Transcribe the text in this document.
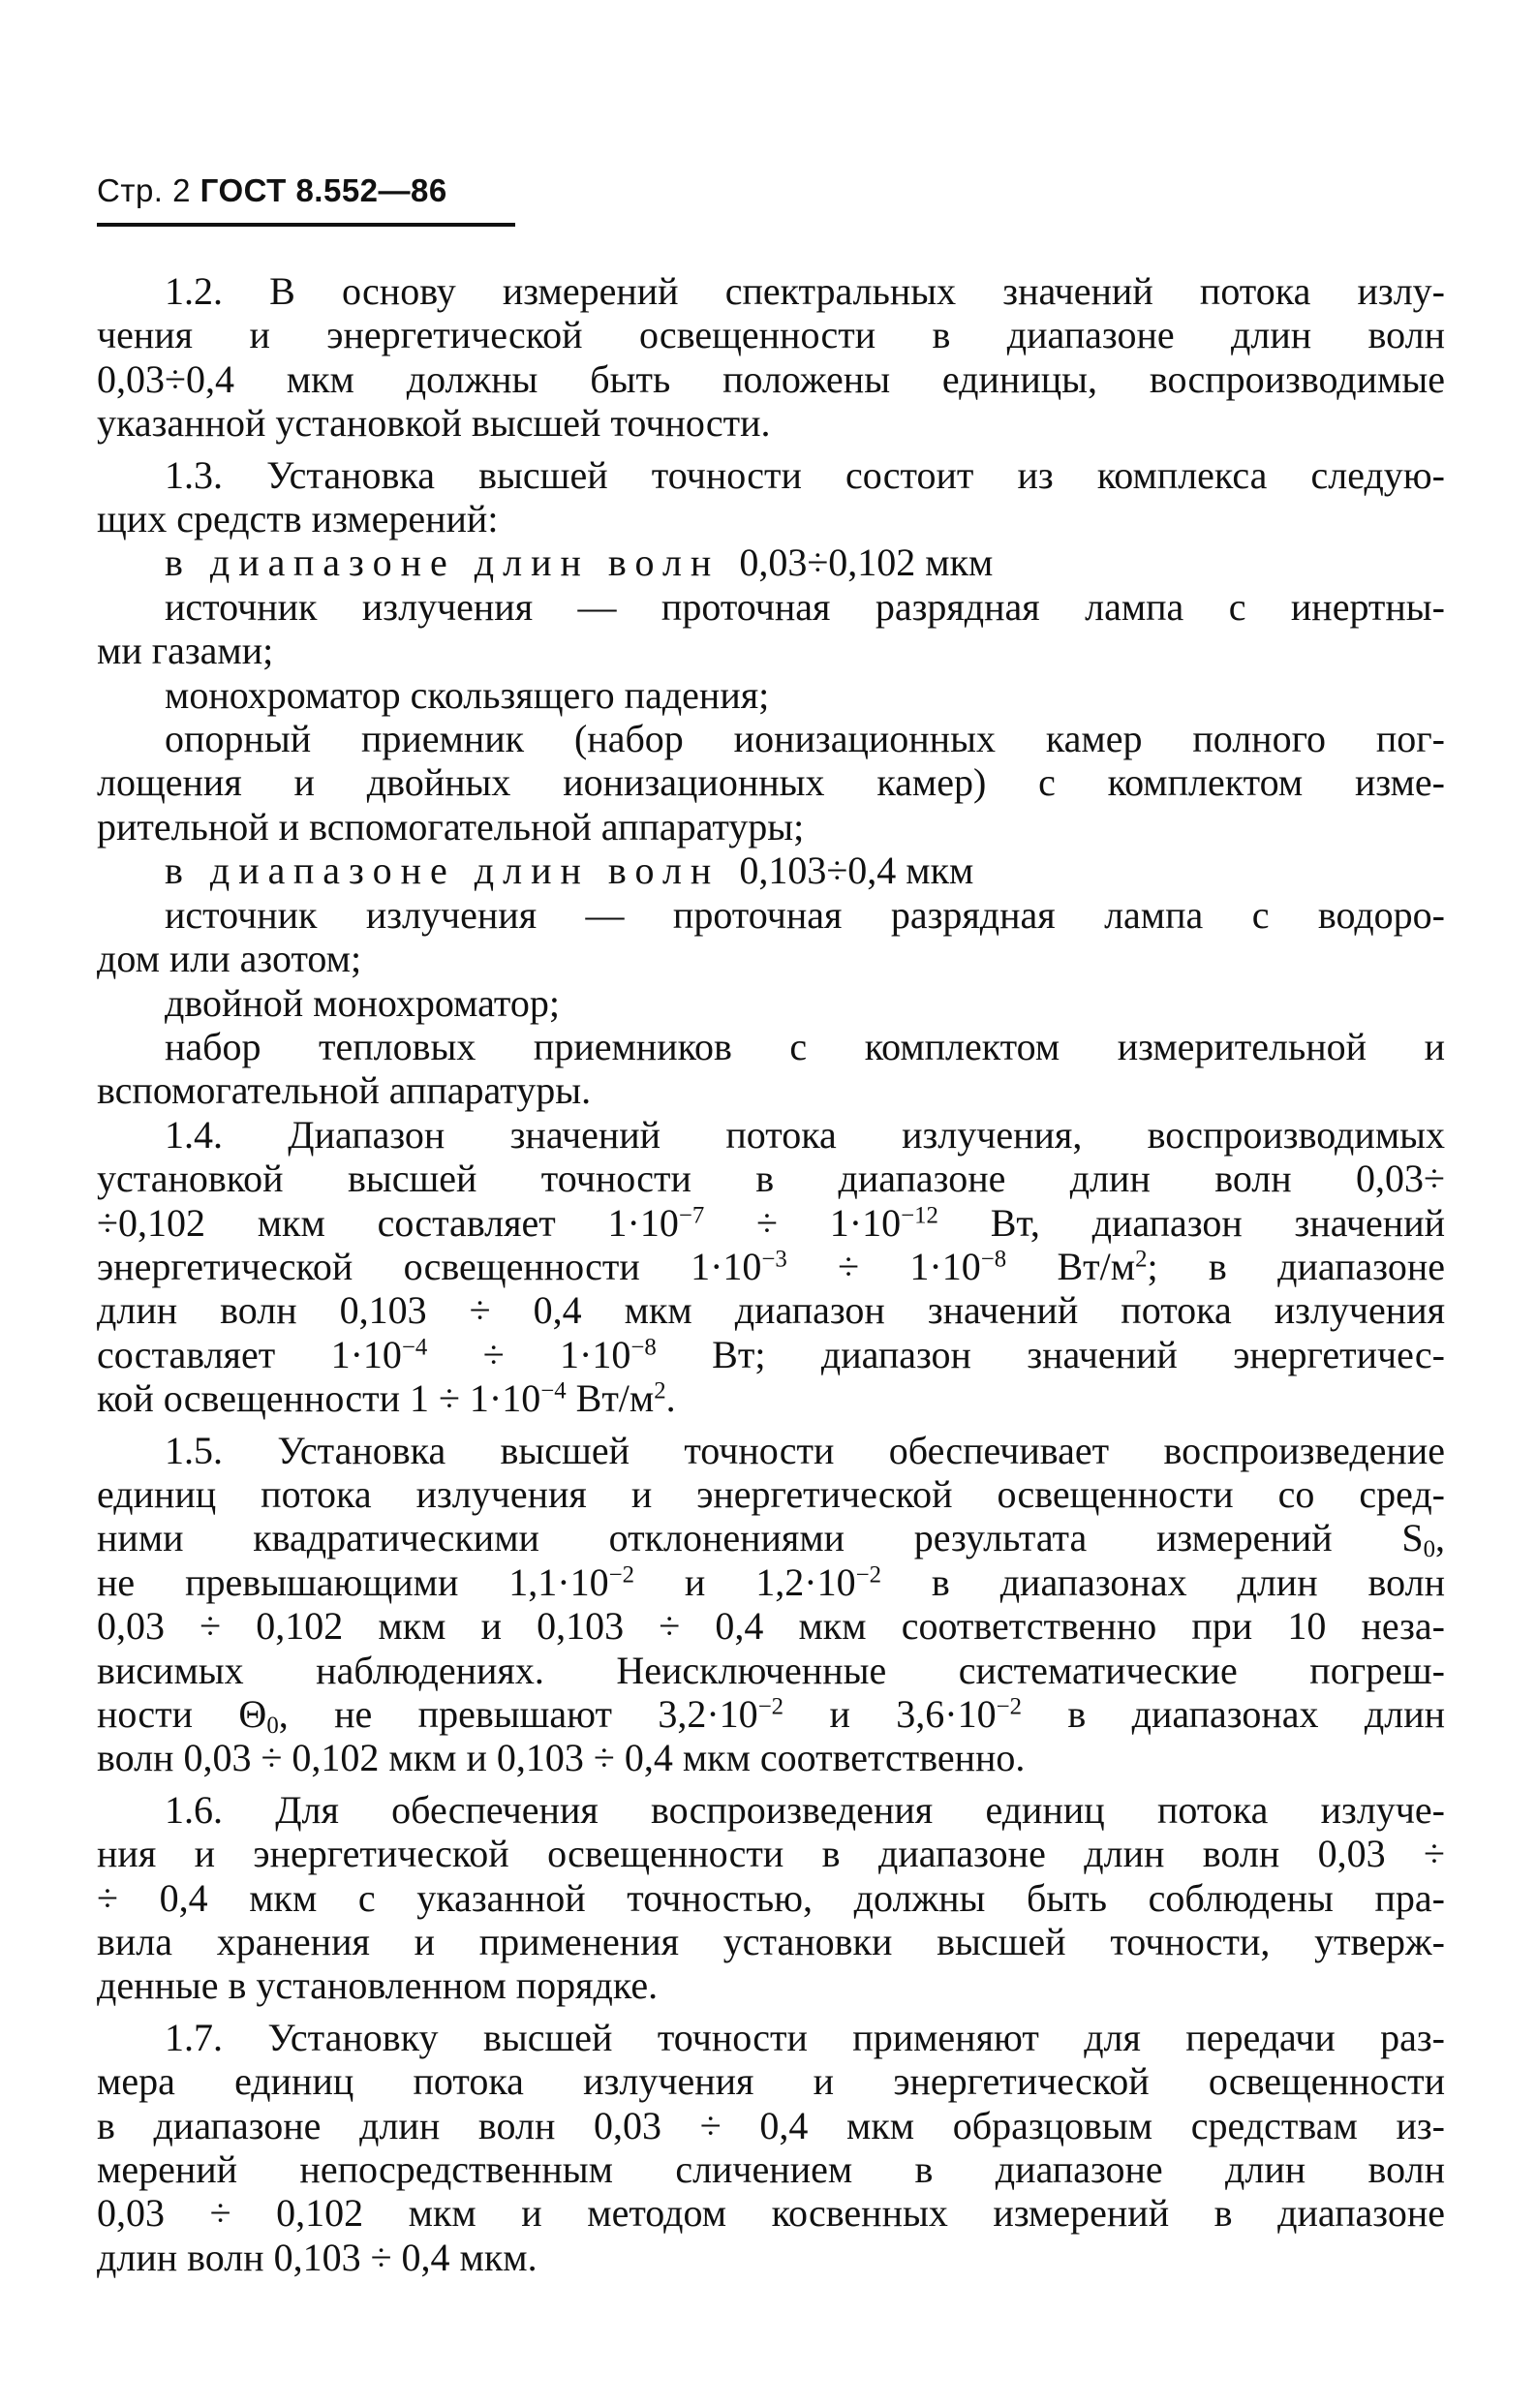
Стр. 2 ГОСТ 8.552—86
1.2. В основу измерений спектральных значений потока излу-
чения и энергетической освещенности в диапазоне длин волн
0,03÷0,4 мкм должны быть положены единицы, воспроизводимые
указанной установкой высшей точности.
1.3. Установка высшей точности состоит из комплекса следую-
щих средств измерений:
в диапазоне длин волн 0,03÷0,102 мкм
источник излучения — проточная разрядная лампа с инертны-
ми газами;
монохроматор скользящего падения;
опорный приемник (набор ионизационных камер полного пог-
лощения и двойных ионизационных камер) с комплектом изме-
рительной и вспомогательной аппаратуры;
в диапазоне длин волн 0,103÷0,4 мкм
источник излучения — проточная разрядная лампа с водоро-
дом или азотом;
двойной монохроматор;
набор тепловых приемников с комплектом измерительной и
вспомогательной аппаратуры.
1.4. Диапазон значений потока излучения, воспроизводимых
установкой высшей точности в диапазоне длин волн 0,03÷
÷0,102 мкм составляет $1\cdot 10^{-7} \div 1\cdot 10^{-12}$ Вт, диапазон значений
энергетической освещенности $1\cdot 10^{-3} \div 1\cdot 10^{-8}$ $Вт/м^2$; в диапазоне
длин волн 0,103 ÷ 0,4 мкм диапазон значений потока излучения
составляет $1\cdot 10^{-4} \div 1\cdot 10^{-8}$ Вт; диапазон значений энергетичес-
кой освещенности $1 \div 1\cdot 10^{-4}$ $Вт/м^2$.
1.5. Установка высшей точности обеспечивает воспроизведение
единиц потока излучения и энергетической освещенности со сред-
ними квадратическими отклонениями результата измерений $S_0$,
не превышающими $1,1\cdot 10^{-2}$ и $1,2\cdot 10^{-2}$ в диапазонах длин волн
0,03 ÷ 0,102 мкм и 0,103 ÷ 0,4 мкм соответственно при 10 неза-
висимых наблюдениях. Неисключенные систематические погреш-
ности $\Theta_0$, не превышают $3,2\cdot 10^{-2}$ и $3,6\cdot 10^{-2}$ в диапазонах длин
волн 0,03 ÷ 0,102 мкм и 0,103 ÷ 0,4 мкм соответственно.
1.6. Для обеспечения воспроизведения единиц потока излуче-
ния и энергетической освещенности в диапазоне длин волн 0,03 ÷
÷ 0,4 мкм с указанной точностью, должны быть соблюдены пра-
вила хранения и применения установки высшей точности, утверж-
денные в установленном порядке.
1.7. Установку высшей точности применяют для передачи раз-
мера единиц потока излучения и энергетической освещенности
в диапазоне длин волн 0,03 ÷ 0,4 мкм образцовым средствам из-
мерений непосредственным сличением в диапазоне длин волн
0,03 ÷ 0,102 мкм и методом косвенных измерений в диапазоне
длин волн 0,103 ÷ 0,4 мкм.
